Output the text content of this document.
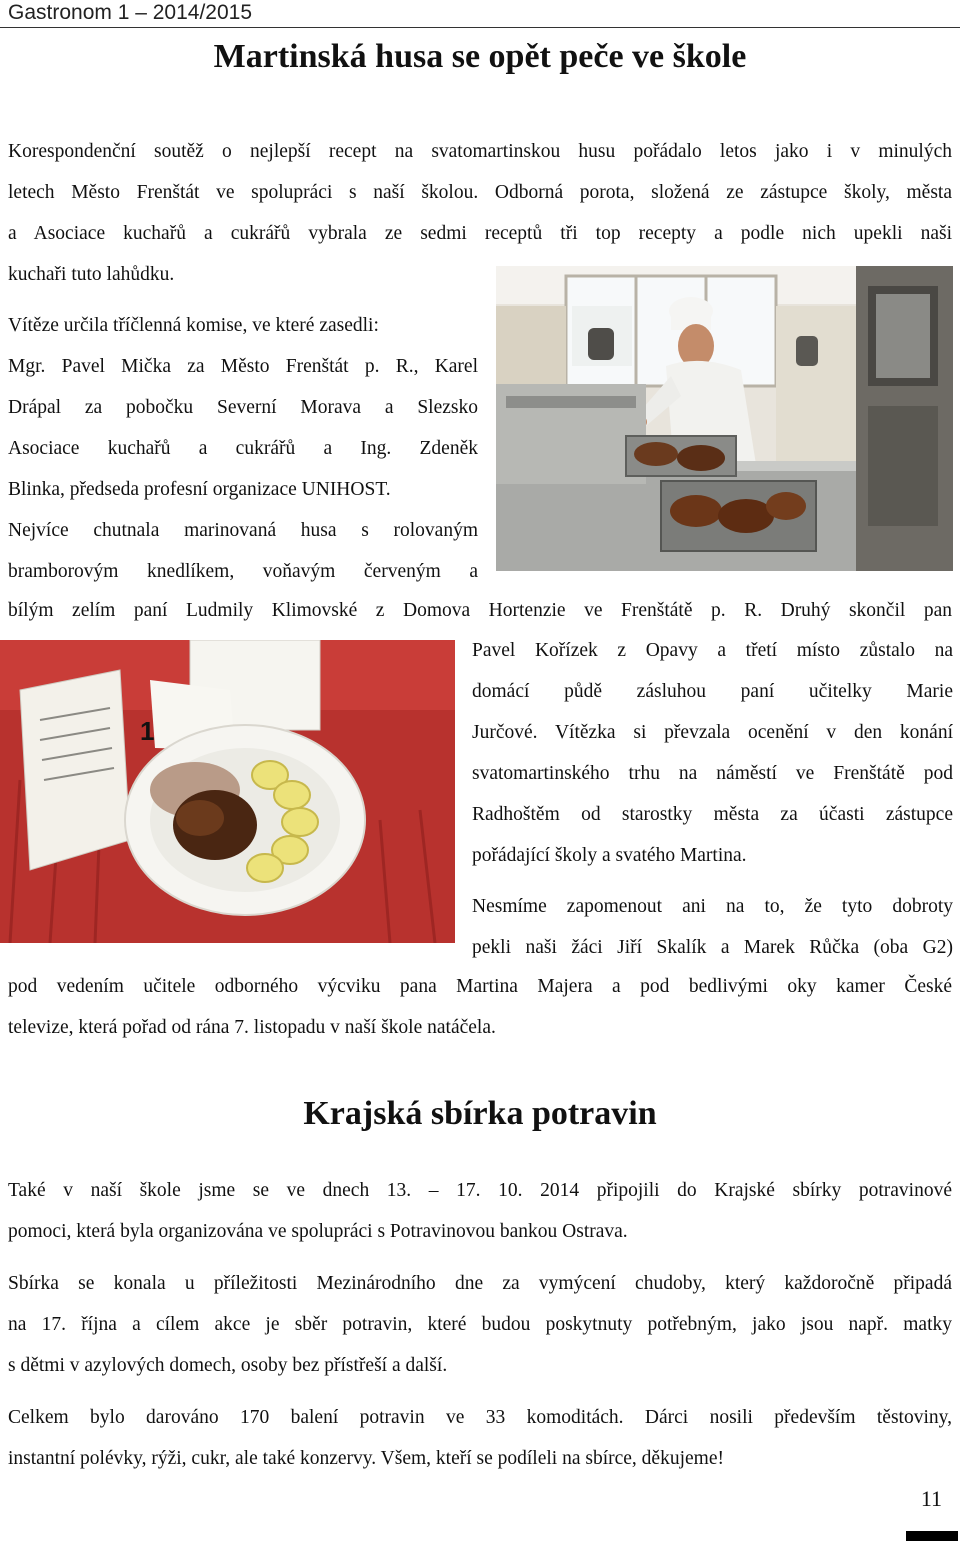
Gastronom 1 – 2014/2015
Martinská husa se opět peče ve škole
Korespondenční soutěž o nejlepší recept na svatomartinskou husu pořádalo letos jako i v minulých
letech Město Frenštát ve spolupráci s naší školou. Odborná porota, složená ze zástupce školy, města
a Asociace kuchařů a cukrářů vybrala ze sedmi receptů tři top recepty a podle nich upekli naši
kuchaři tuto lahůdku.
Vítěze určila tříčlenná komise, ve které zasedli:
Mgr. Pavel Mička za Město Frenštát p. R., Karel
Drápal za pobočku Severní Morava a Slezsko
Asociace kuchařů a cukrářů a Ing. Zdeněk
Blinka, předseda profesní organizace UNIHOST.
Nejvíce chutnala marinovaná husa s rolovaným
bramborovým knedlíkem, voňavým červeným a
bílým zelím paní Ludmily Klimovské z Domova Hortenzie ve Frenštátě p. R. Druhý skončil pan
1
Pavel Kořízek z Opavy a třetí místo zůstalo na
domácí půdě zásluhou paní učitelky Marie
Jurčové. Vítězka si převzala ocenění v den konání
svatomartinského trhu na náměstí ve Frenštátě pod
Radhoštěm od starostky města za účasti zástupce
pořádající školy a svatého Martina.
Nesmíme zapomenout ani na to, že tyto dobroty
pekli naši žáci Jiří Skalík a Marek Růčka (oba G2)
pod vedením učitele odborného výcviku pana Martina Majera a pod bedlivými oky kamer České
televize, která pořad od rána 7. listopadu v naší škole natáčela.
Krajská sbírka potravin
Také v naší škole jsme se ve dnech 13. – 17. 10. 2014 připojili do Krajské sbírky potravinové
pomoci, která byla organizována ve spolupráci s Potravinovou bankou Ostrava.
Sbírka se konala u příležitosti Mezinárodního dne za vymýcení chudoby, který každoročně připadá
na 17. října a cílem akce je sběr potravin, které budou poskytnuty potřebným, jako jsou např. matky
s dětmi v azylových domech, osoby bez přístřeší a další.
Celkem bylo darováno 170 balení potravin ve 33 komoditách. Dárci nosili především těstoviny,
instantní polévky, rýži, cukr, ale také konzervy. Všem, kteří se podíleli na sbírce, děkujeme!
11
